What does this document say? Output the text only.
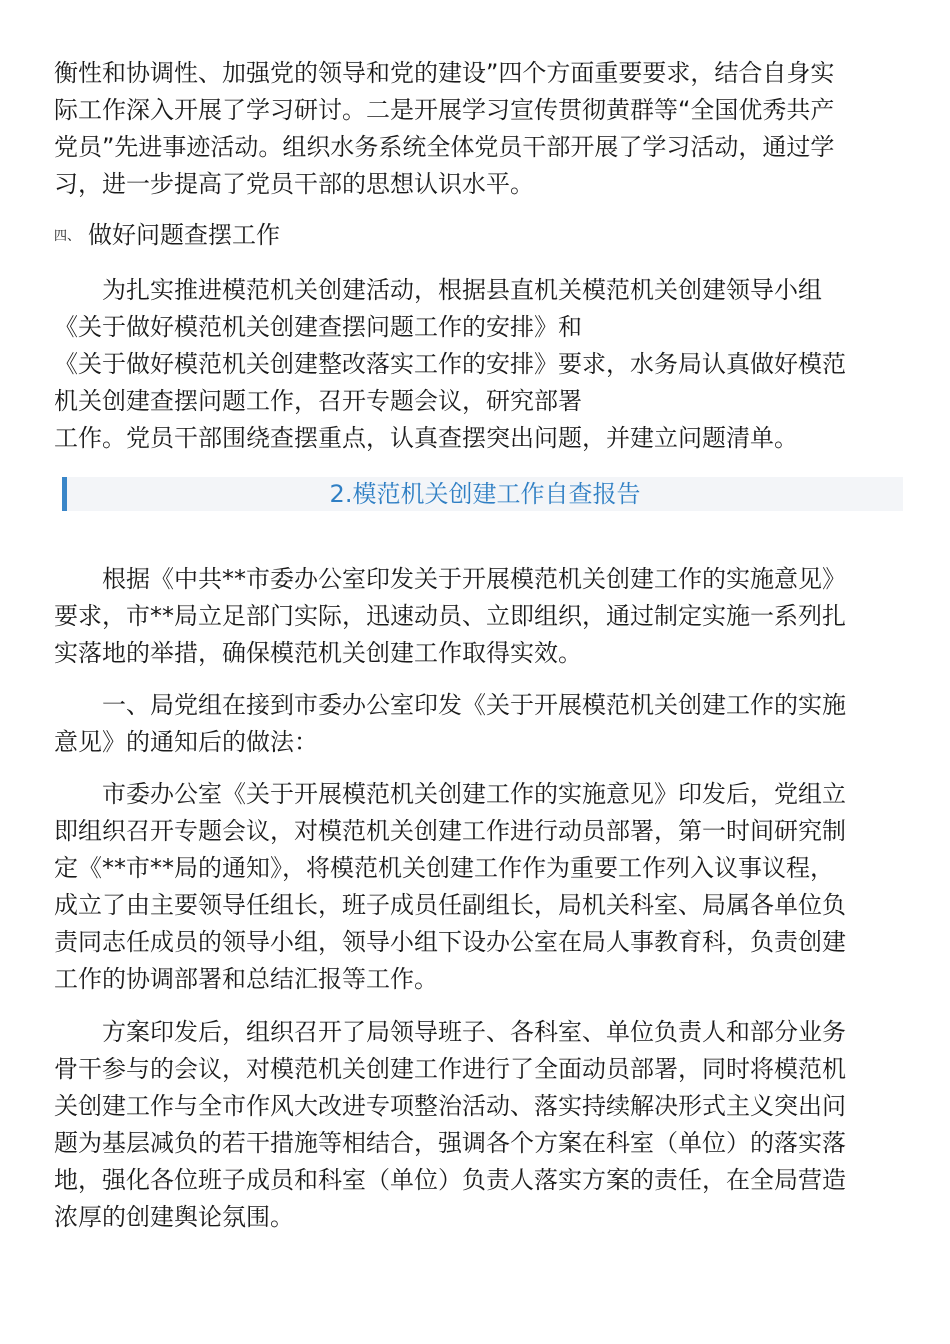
衡性和协调性、加强党的领导和党的建设”四个方面重要要求，结合自身实

际工作深入开展了学习研讨。二是开展学习宣传贯彻黄群等“全国优秀共产

党员”先进事迹活动。组织水务系统全体党员干部开展了学习活动，通过学

习，进一步提高了党员干部的思想认识水平。

四、 做好问题查摆工作

　　为扎实推进模范机关创建活动，根据县直机关模范机关创建领导小组

《关于做好模范机关创建查摆问题工作的安排》和

《关于做好模范机关创建整改落实工作的安排》要求，水务局认真做好模范

机关创建查摆问题工作，召开专题会议，研究部署

工作。党员干部围绕查摆重点，认真查摆突出问题，并建立问题清单。

2.模范机关创建工作自查报告

　　根据《中共**市委办公室印发关于开展模范机关创建工作的实施意见》

要求，市**局立足部门实际，迅速动员、立即组织，通过制定实施一系列扎

实落地的举措，确保模范机关创建工作取得实效。

　　一、局党组在接到市委办公室印发《关于开展模范机关创建工作的实施

意见》的通知后的做法：

　　市委办公室《关于开展模范机关创建工作的实施意见》印发后，党组立

即组织召开专题会议，对模范机关创建工作进行动员部署，第一时间研究制

定《**市**局的通知》，将模范机关创建工作作为重要工作列入议事议程，

成立了由主要领导任组长，班子成员任副组长，局机关科室、局属各单位负

责同志任成员的领导小组，领导小组下设办公室在局人事教育科，负责创建

工作的协调部署和总结汇报等工作。

　　方案印发后，组织召开了局领导班子、各科室、单位负责人和部分业务

骨干参与的会议，对模范机关创建工作进行了全面动员部署，同时将模范机

关创建工作与全市作风大改进专项整治活动、落实持续解决形式主义突出问

题为基层减负的若干措施等相结合，强调各个方案在科室（单位）的落实落

地，强化各位班子成员和科室（单位）负责人落实方案的责任，在全局营造

浓厚的创建舆论氛围。
